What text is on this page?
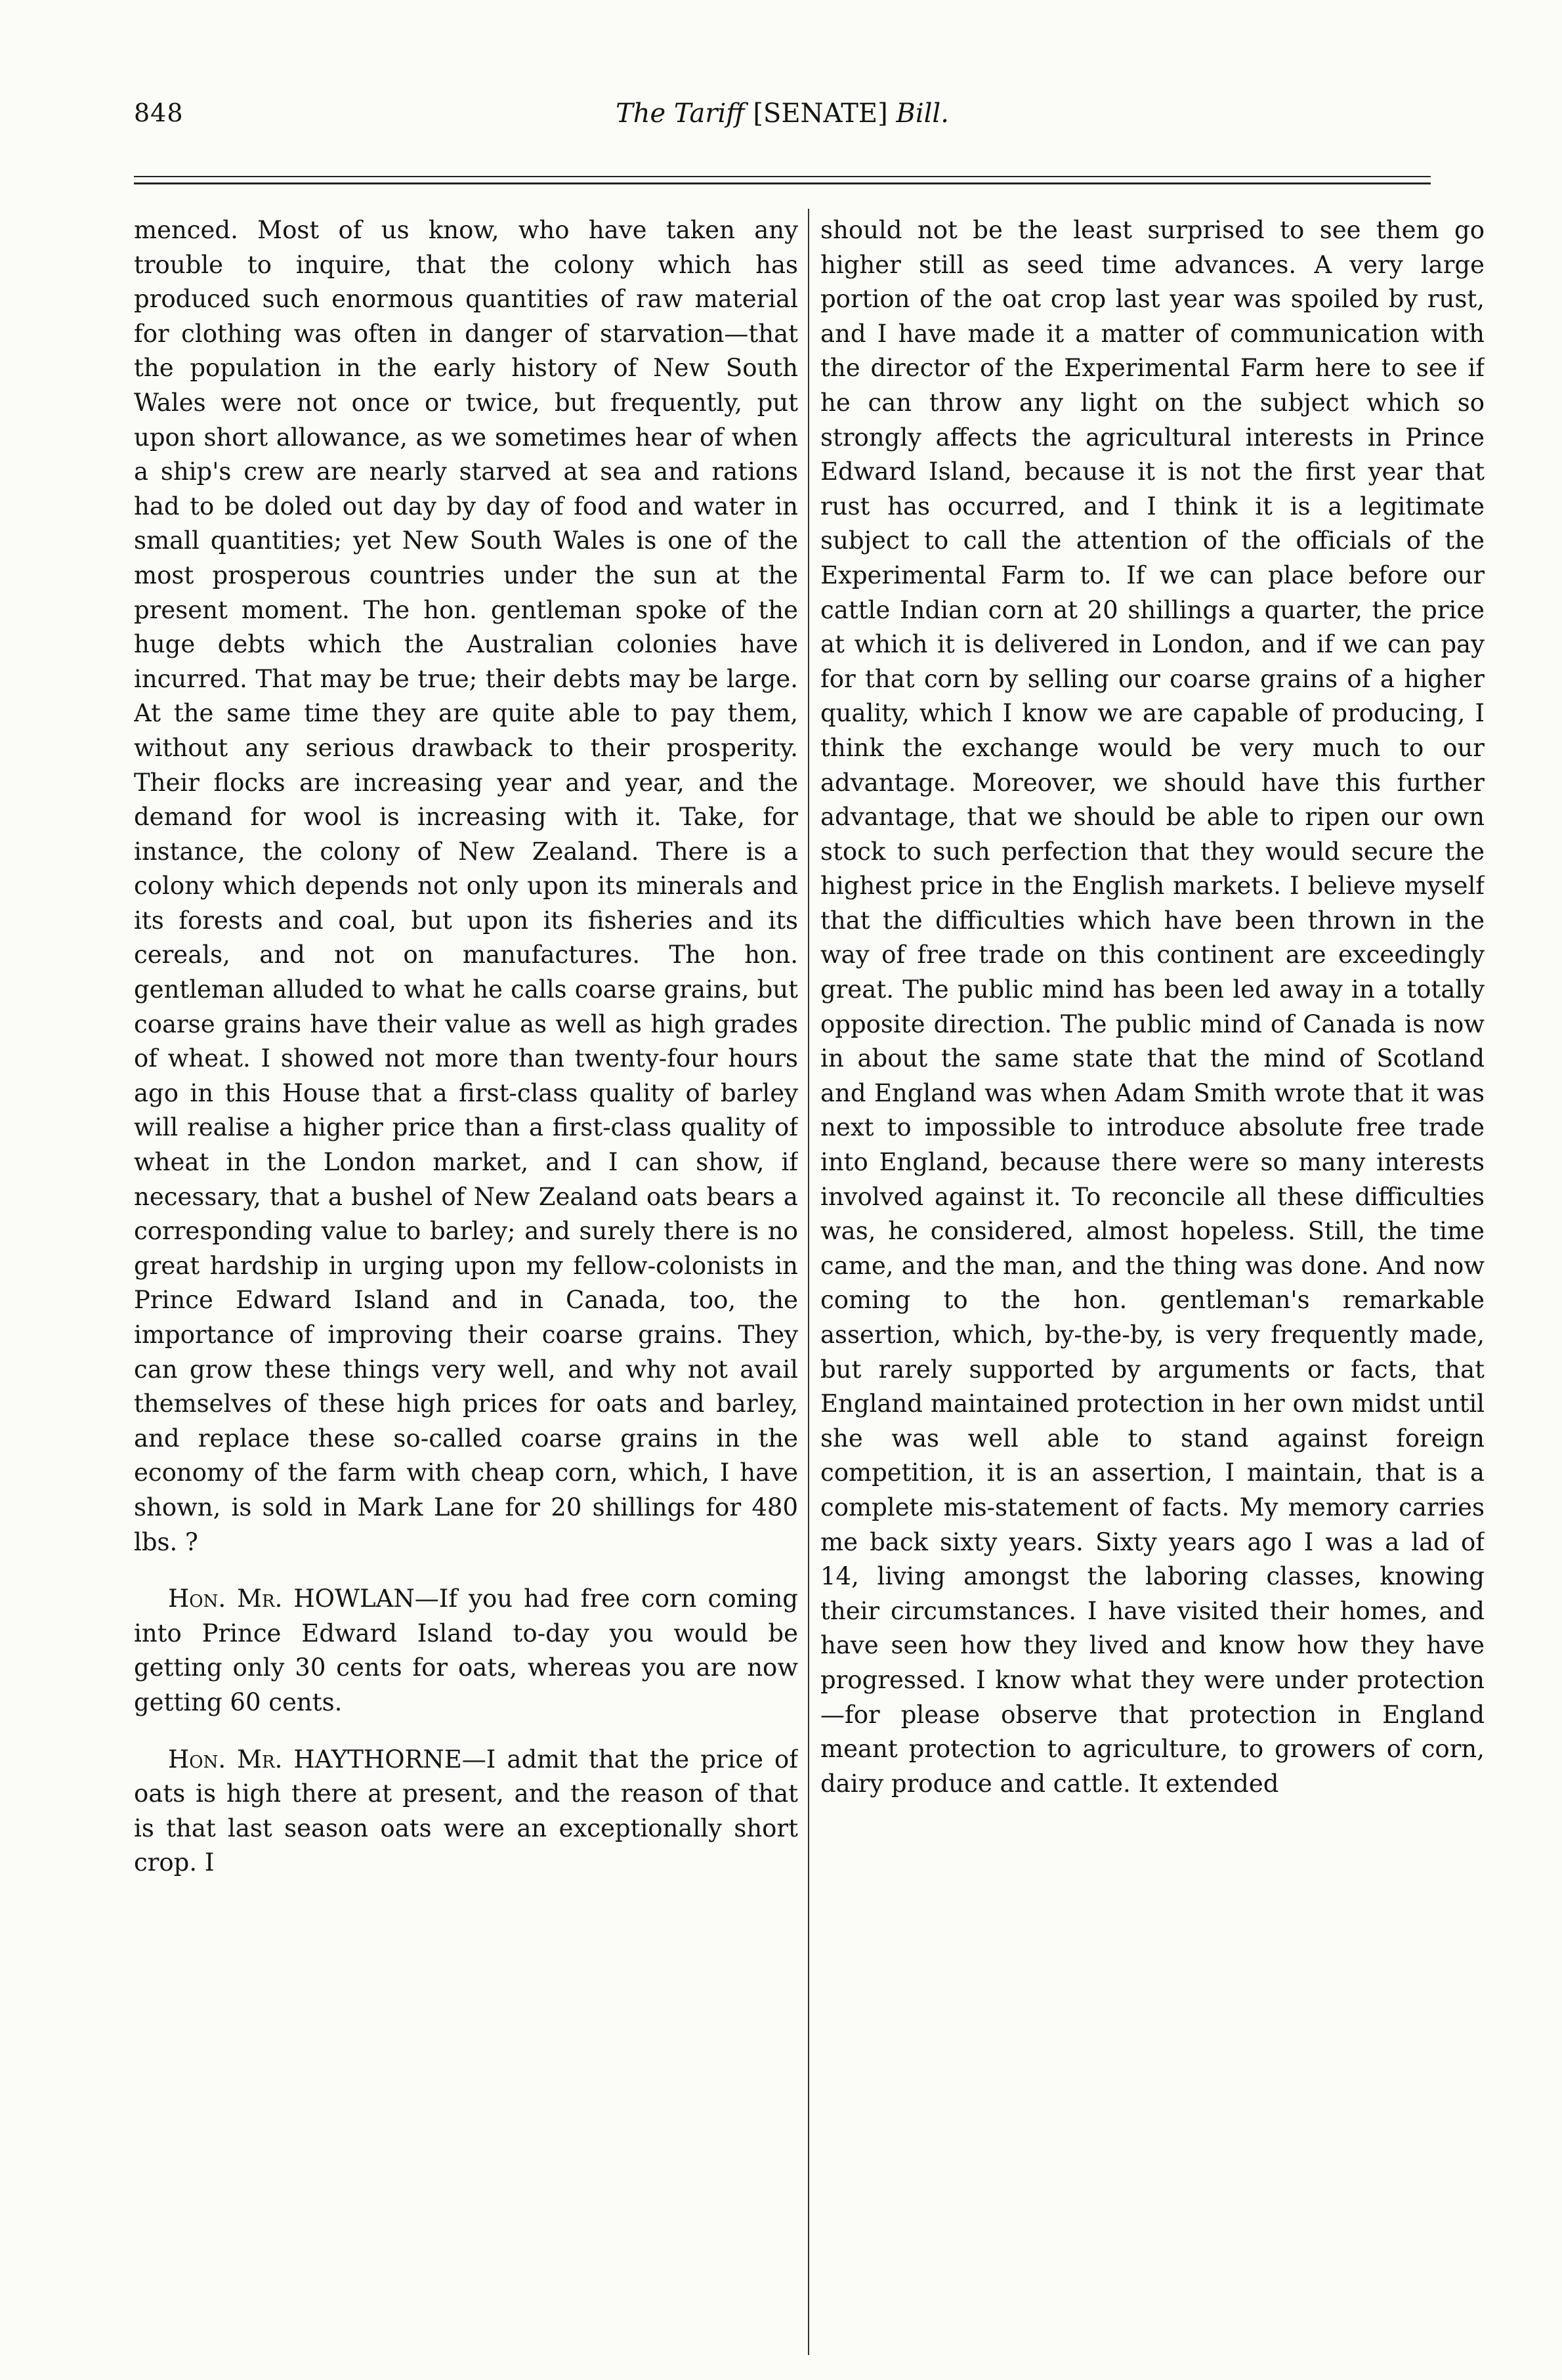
848	The Tariff [SENATE] Bill.

menced. Most of us know, who have taken any trouble to inquire, that the colony which has produced such enormous quantities of raw material for clothing was often in danger of starvation—that the population in the early history of New South Wales were not once or twice, but frequently, put upon short allowance, as we sometimes hear of when a ship's crew are nearly starved at sea and rations had to be doled out day by day of food and water in small quantities; yet New South Wales is one of the most prosperous countries under the sun at the present moment. The hon. gentleman spoke of the huge debts which the Australian colonies have incurred. That may be true; their debts may be large. At the same time they are quite able to pay them, without any serious drawback to their prosperity. Their flocks are increasing year and year, and the demand for wool is increasing with it. Take, for instance, the colony of New Zealand. There is a colony which depends not only upon its minerals and its forests and coal, but upon its fisheries and its cereals, and not on manufactures. The hon. gentleman alluded to what he calls coarse grains, but coarse grains have their value as well as high grades of wheat. I showed not more than twenty-four hours ago in this House that a first-class quality of barley will realise a higher price than a first-class quality of wheat in the London market, and I can show, if necessary, that a bushel of New Zealand oats bears a corresponding value to barley; and surely there is no great hardship in urging upon my fellow-colonists in Prince Edward Island and in Canada, too, the importance of improving their coarse grains. They can grow these things very well, and why not avail themselves of these high prices for oats and barley, and replace these so-called coarse grains in the economy of the farm with cheap corn, which, I have shown, is sold in Mark Lane for 20 shillings for 480 lbs. ?

Hon. Mr. HOWLAN—If you had free corn coming into Prince Edward Island to-day you would be getting only 30 cents for oats, whereas you are now getting 60 cents.

Hon. Mr. HAYTHORNE—I admit that the price of oats is high there at present, and the reason of that is that last season oats were an exceptionally short crop. I

should not be the least surprised to see them go higher still as seed time advances. A very large portion of the oat crop last year was spoiled by rust, and I have made it a matter of communication with the director of the Experimental Farm here to see if he can throw any light on the subject which so strongly affects the agricultural interests in Prince Edward Island, because it is not the first year that rust has occurred, and I think it is a legitimate subject to call the attention of the officials of the Experimental Farm to. If we can place before our cattle Indian corn at 20 shillings a quarter, the price at which it is delivered in London, and if we can pay for that corn by selling our coarse grains of a higher quality, which I know we are capable of producing, I think the exchange would be very much to our advantage. Moreover, we should have this further advantage, that we should be able to ripen our own stock to such perfection that they would secure the highest price in the English markets. I believe myself that the difficulties which have been thrown in the way of free trade on this continent are exceedingly great. The public mind has been led away in a totally opposite direction. The public mind of Canada is now in about the same state that the mind of Scotland and England was when Adam Smith wrote that it was next to impossible to introduce absolute free trade into England, because there were so many interests involved against it. To reconcile all these difficulties was, he considered, almost hopeless. Still, the time came, and the man, and the thing was done. And now coming to the hon. gentleman's remarkable assertion, which, by-the-by, is very frequently made, but rarely supported by arguments or facts, that England maintained protection in her own midst until she was well able to stand against foreign competition, it is an assertion, I maintain, that is a complete mis-statement of facts. My memory carries me back sixty years. Sixty years ago I was a lad of 14, living amongst the laboring classes, knowing their circumstances. I have visited their homes, and have seen how they lived and know how they have progressed. I know what they were under protection—for please observe that protection in England meant protection to agriculture, to growers of corn, dairy produce and cattle. It extended
